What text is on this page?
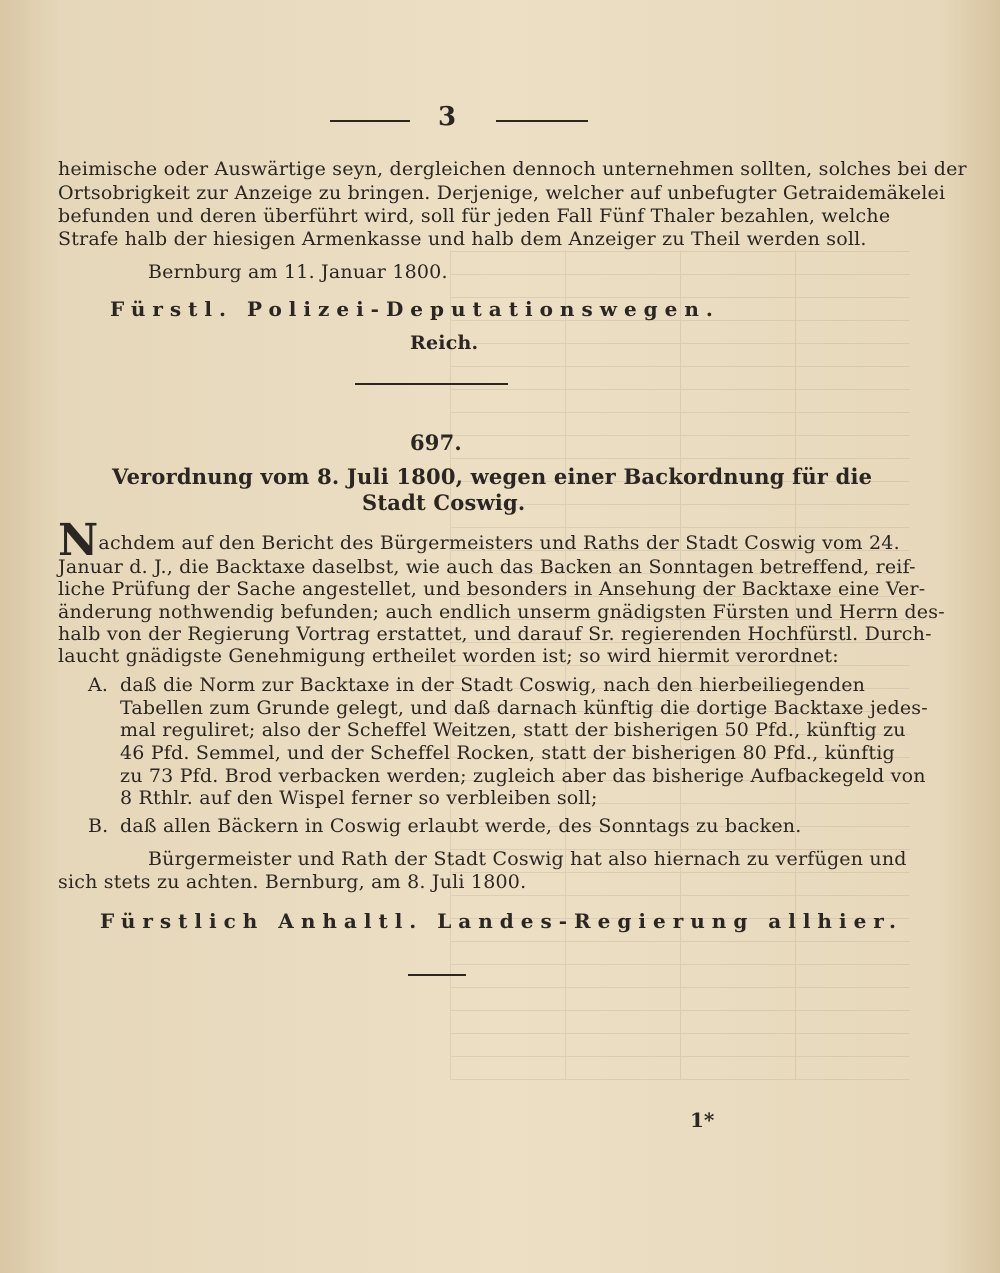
3
heimische oder Auswärtige seyn, dergleichen dennoch unternehmen sollten, solches bei der
Ortsobrigkeit zur Anzeige zu bringen. Derjenige, welcher auf unbefugter Getraidemäkelei
befunden und deren überführt wird, soll für jeden Fall Fünf Thaler bezahlen, welche
Strafe halb der hiesigen Armenkasse und halb dem Anzeiger zu Theil werden soll.
Bernburg am 11. Januar 1800.
Fürstl. Polizei-Deputationswegen.
Reich.
697.
Verordnung vom 8. Juli 1800, wegen einer Backordnung für die
Stadt Coswig.
Nachdem auf den Bericht des Bürgermeisters und Raths der Stadt Coswig vom 24.
Januar d. J., die Backtaxe daselbst, wie auch das Backen an Sonntagen betreffend, reif-
liche Prüfung der Sache angestellet, und besonders in Ansehung der Backtaxe eine Ver-
änderung nothwendig befunden; auch endlich unserm gnädigsten Fürsten und Herrn des-
halb von der Regierung Vortrag erstattet, und darauf Sr. regierenden Hochfürstl. Durch-
laucht gnädigste Genehmigung ertheilet worden ist; so wird hiermit verordnet:
A. daß die Norm zur Backtaxe in der Stadt Coswig, nach den hierbeiliegenden
Tabellen zum Grunde gelegt, und daß darnach künftig die dortige Backtaxe jedes-
mal reguliret; also der Scheffel Weitzen, statt der bisherigen 50 Pfd., künftig zu
46 Pfd. Semmel, und der Scheffel Rocken, statt der bisherigen 80 Pfd., künftig
zu 73 Pfd. Brod verbacken werden; zugleich aber das bisherige Aufbackegeld von
8 Rthlr. auf den Wispel ferner so verbleiben soll;
B. daß allen Bäckern in Coswig erlaubt werde, des Sonntags zu backen.
Bürgermeister und Rath der Stadt Coswig hat also hiernach zu verfügen und
sich stets zu achten. Bernburg, am 8. Juli 1800.
Fürstlich Anhaltl. Landes-Regierung allhier.
1*
